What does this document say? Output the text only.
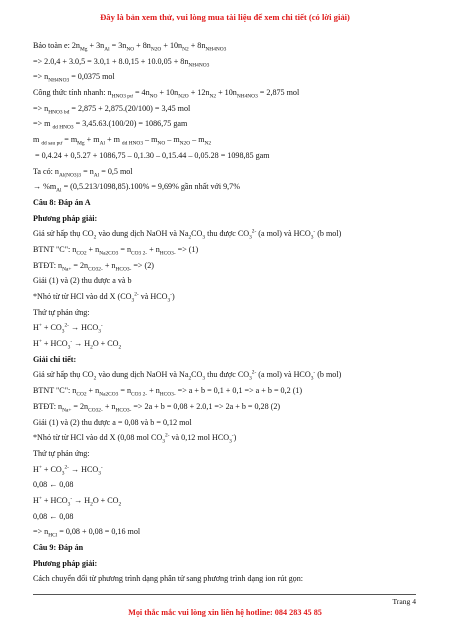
Đây là bản xem thử, vui lòng mua tài liệu để xem chi tiết (có lời giải)
Bảo toàn e: $2n_{Mg} + 3n_{Al} = 3n_{NO} + 8n_{N2O} + 10n_{N2} + 8n_{NH4NO3}$
=> $2.0,4 + 3.0,5 = 3.0,1 + 8.0,15 + 10.0,05 + 8n_{NH4NO3}$
=> $n_{NH4NO3} = 0,0375$ mol
Công thức tính nhanh: $n_{HNO3 pư} = 4n_{NO} + 10n_{N2O} + 12n_{N2} + 10n_{NH4NO3} = 2,875$ mol
=> $n_{HNO3 bđ} = 2,875 + 2,875.(20/100) = 3,45$ mol
=> m $_{dd HNO3}$ = 3,45.63.(100/20) = 1086,75 gam
m $_{dd sau pư} = m_{Mg} + m_{Al} + m$ $_{dd HNO3} - m_{NO} - m_{N2O} - m_{N2}$
= 0,4.24 + 0,5.27 + 1086,75 – 0,1.30 – 0,15.44 – 0,05.28 = 1098,85 gam
Ta có: $n_{Al(NO3)3} = n_{Al} = 0,5$ mol
→ $\%m_{Al} = (0,5.213/1098,85).100\% = 9,69\%$ gần nhất với 9,7%
Câu 8: Đáp án A
Phương pháp giải:
Giả sử hấp thụ $CO_2$ vào dung dịch NaOH và $Na_2CO_3$ thu được $CO_3^{2-}$ (a mol) và $HCO_3^-$ (b mol)
BTNT "C": $n_{CO2} + n_{Na2CO3} = n_{CO3 2-} + n_{HCO3-} => (1)$
BTĐT: $n_{Na+} = 2n_{CO32-} + n_{HCO3-} => (2)$
Giải (1) và (2) thu được a và b
*Nhỏ từ từ HCl vào dd X ($CO_3^{2-}$ và $HCO_3^-$)
Thứ tự phản ứng:
$H^+ + CO_3^{2-} \to HCO_3^-$
$H^+ + HCO_3^- \to H_2O + CO_2$
Giải chi tiết:
Giả sử hấp thụ $CO_2$ vào dung dịch NaOH và $Na_2CO_3$ thu được $CO_3^{2-}$ (a mol) và $HCO_3^-$ (b mol)
BTNT "C": $n_{CO2} + n_{Na2CO3} = n_{CO3 2-} + n_{HCO3-} => a + b = 0,1 + 0,1 => a + b = 0,2$ (1)
BTĐT: $n_{Na+} = 2n_{CO32-} + n_{HCO3-} => 2a + b = 0,08 + 2.0,1 => 2a + b = 0,28$ (2)
Giải (1) và (2) thu được a = 0,08 và b = 0,12 mol
*Nhỏ từ từ HCl vào dd X (0,08 mol $CO_3^{2-}$ và 0,12 mol $HCO_3^-$)
Thứ tự phản ứng:
$H^+ + CO_3^{2-} \to HCO_3^-$
0,08 ← 0,08
$H^+ + HCO_3^- \to H_2O + CO_2$
0,08 ← 0,08
=> $n_{HCl} = 0,08 + 0,08 = 0,16$ mol
Câu 9: Đáp án
Phương pháp giải:
Cách chuyển đổi từ phương trình dạng phân tử sang phương trình dạng ion rút gọn:
Trang 4
Mọi thắc mắc vui lòng xin liên hệ hotline: 084 283 45 85
